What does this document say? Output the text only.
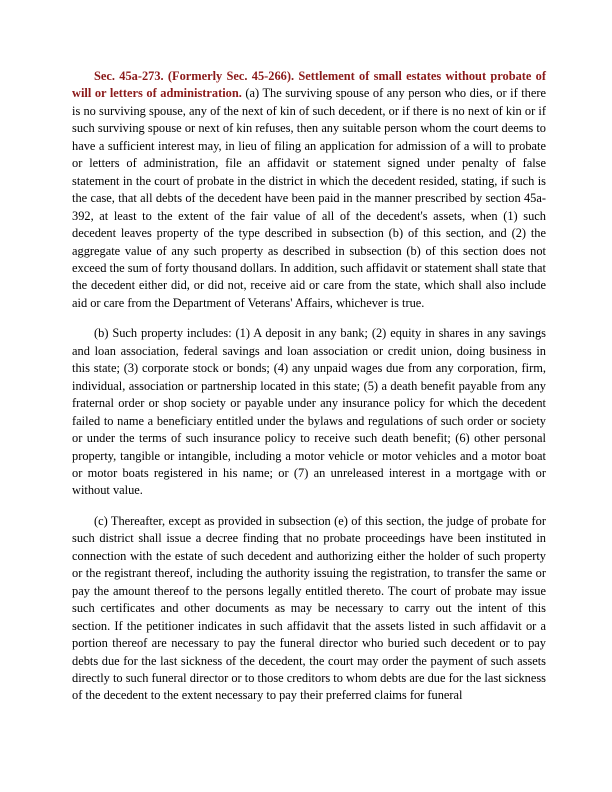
Sec. 45a-273. (Formerly Sec. 45-266). Settlement of small estates without probate of will or letters of administration. (a) The surviving spouse of any person who dies, or if there is no surviving spouse, any of the next of kin of such decedent, or if there is no next of kin or if such surviving spouse or next of kin refuses, then any suitable person whom the court deems to have a sufficient interest may, in lieu of filing an application for admission of a will to probate or letters of administration, file an affidavit or statement signed under penalty of false statement in the court of probate in the district in which the decedent resided, stating, if such is the case, that all debts of the decedent have been paid in the manner prescribed by section 45a-392, at least to the extent of the fair value of all of the decedent's assets, when (1) such decedent leaves property of the type described in subsection (b) of this section, and (2) the aggregate value of any such property as described in subsection (b) of this section does not exceed the sum of forty thousand dollars. In addition, such affidavit or statement shall state that the decedent either did, or did not, receive aid or care from the state, which shall also include aid or care from the Department of Veterans' Affairs, whichever is true.

(b) Such property includes: (1) A deposit in any bank; (2) equity in shares in any savings and loan association, federal savings and loan association or credit union, doing business in this state; (3) corporate stock or bonds; (4) any unpaid wages due from any corporation, firm, individual, association or partnership located in this state; (5) a death benefit payable from any fraternal order or shop society or payable under any insurance policy for which the decedent failed to name a beneficiary entitled under the bylaws and regulations of such order or society or under the terms of such insurance policy to receive such death benefit; (6) other personal property, tangible or intangible, including a motor vehicle or motor vehicles and a motor boat or motor boats registered in his name; or (7) an unreleased interest in a mortgage with or without value.

(c) Thereafter, except as provided in subsection (e) of this section, the judge of probate for such district shall issue a decree finding that no probate proceedings have been instituted in connection with the estate of such decedent and authorizing either the holder of such property or the registrant thereof, including the authority issuing the registration, to transfer the same or pay the amount thereof to the persons legally entitled thereto. The court of probate may issue such certificates and other documents as may be necessary to carry out the intent of this section. If the petitioner indicates in such affidavit that the assets listed in such affidavit or a portion thereof are necessary to pay the funeral director who buried such decedent or to pay debts due for the last sickness of the decedent, the court may order the payment of such assets directly to such funeral director or to those creditors to whom debts are due for the last sickness of the decedent to the extent necessary to pay their preferred claims for funeral
